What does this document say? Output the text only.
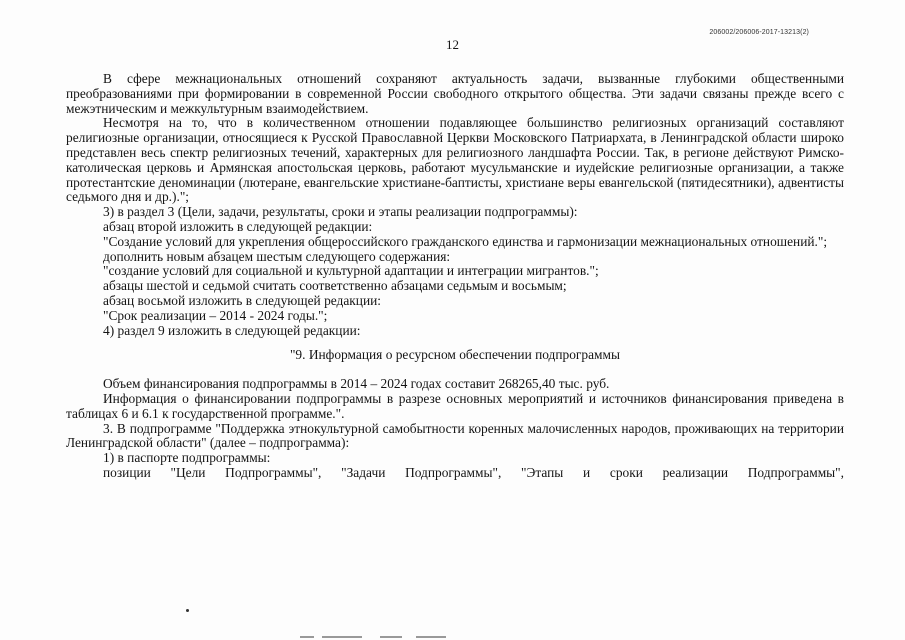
206002/206006-2017-13213(2)
12

В сфере межнациональных отношений сохраняют актуальность задачи, вызванные глубокими общественными преобразованиями при формировании в современной России свободного открытого общества. Эти задачи связаны прежде всего с межэтническим и межкультурным взаимодействием.

Несмотря на то, что в количественном отношении подавляющее большинство религиозных организаций составляют религиозные организации, относящиеся к Русской Православной Церкви Московского Патриархата, в Ленинградской области широко представлен весь спектр религиозных течений, характерных для религиозного ландшафта России. Так, в регионе действуют Римско-католическая церковь и Армянская апостольская церковь, работают мусульманские и иудейские религиозные организации, а также протестантские деноминации (лютеране, евангельские христиане-баптисты, христиане веры евангельской (пятидесятники), адвентисты седьмого дня и др.).";

3) в раздел 3 (Цели, задачи, результаты, сроки и этапы реализации подпрограммы):

абзац второй изложить в следующей редакции:

"Создание условий для укрепления общероссийского гражданского единства и гармонизации межнациональных отношений.";

дополнить новым абзацем шестым следующего содержания:

"создание условий для социальной и культурной адаптации и интеграции мигрантов.";

абзацы шестой и седьмой считать соответственно абзацами седьмым и восьмым;

абзац восьмой изложить в следующей редакции:

"Срок реализации – 2014 - 2024 годы.";

4) раздел 9 изложить в следующей редакции:

"9. Информация о ресурсном обеспечении подпрограммы

Объем финансирования подпрограммы в 2014 – 2024 годах составит 268265,40 тыс. руб.

Информация о финансировании подпрограммы в разрезе основных мероприятий и источников финансирования приведена в таблицах 6 и 6.1 к государственной программе.".

3. В подпрограмме "Поддержка этнокультурной самобытности коренных малочисленных народов, проживающих на территории Ленинградской области" (далее – подпрограмма):

1) в паспорте подпрограммы:

позиции "Цели Подпрограммы", "Задачи Подпрограммы", "Этапы и сроки реализации Подпрограммы",
